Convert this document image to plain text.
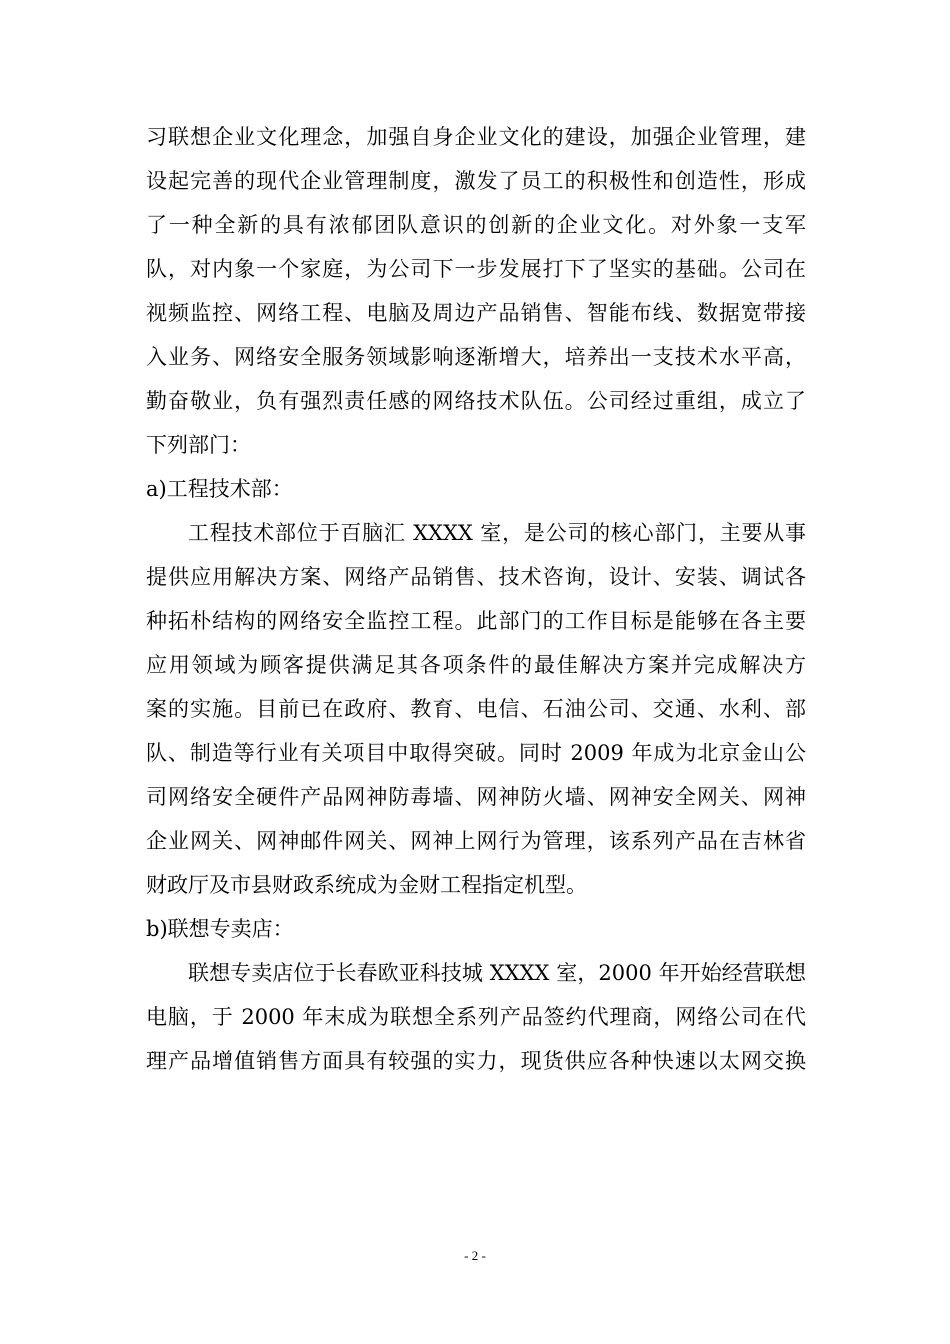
习联想企业文化理念，加强自身企业文化的建设，加强企业管理，建
设起完善的现代企业管理制度，激发了员工的积极性和创造性，形成
了一种全新的具有浓郁团队意识的创新的企业文化。对外象一支军
队，对内象一个家庭，为公司下一步发展打下了坚实的基础。公司在
视频监控、网络工程、电脑及周边产品销售、智能布线、数据宽带接
入业务、网络安全服务领域影响逐渐增大，培养出一支技术水平高，
勤奋敬业，负有强烈责任感的网络技术队伍。公司经过重组，成立了
下列部门：
a)工程技术部：
工程技术部位于百脑汇 XXXX 室，是公司的核心部门，主要从事
提供应用解决方案、网络产品销售、技术咨询，设计、安装、调试各
种拓朴结构的网络安全监控工程。此部门的工作目标是能够在各主要
应用领域为顾客提供满足其各项条件的最佳解决方案并完成解决方
案的实施。目前已在政府、教育、电信、石油公司、交通、水利、部
队、制造等行业有关项目中取得突破。同时 2009 年成为北京金山公
司网络安全硬件产品网神防毒墙、网神防火墙、网神安全网关、网神
企业网关、网神邮件网关、网神上网行为管理，该系列产品在吉林省
财政厅及市县财政系统成为金财工程指定机型。
b)联想专卖店：
联想专卖店位于长春欧亚科技城 XXXX 室，2000 年开始经营联想
电脑，于 2000 年末成为联想全系列产品签约代理商，网络公司在代
理产品增值销售方面具有较强的实力，现货供应各种快速以太网交换
- 2 -
